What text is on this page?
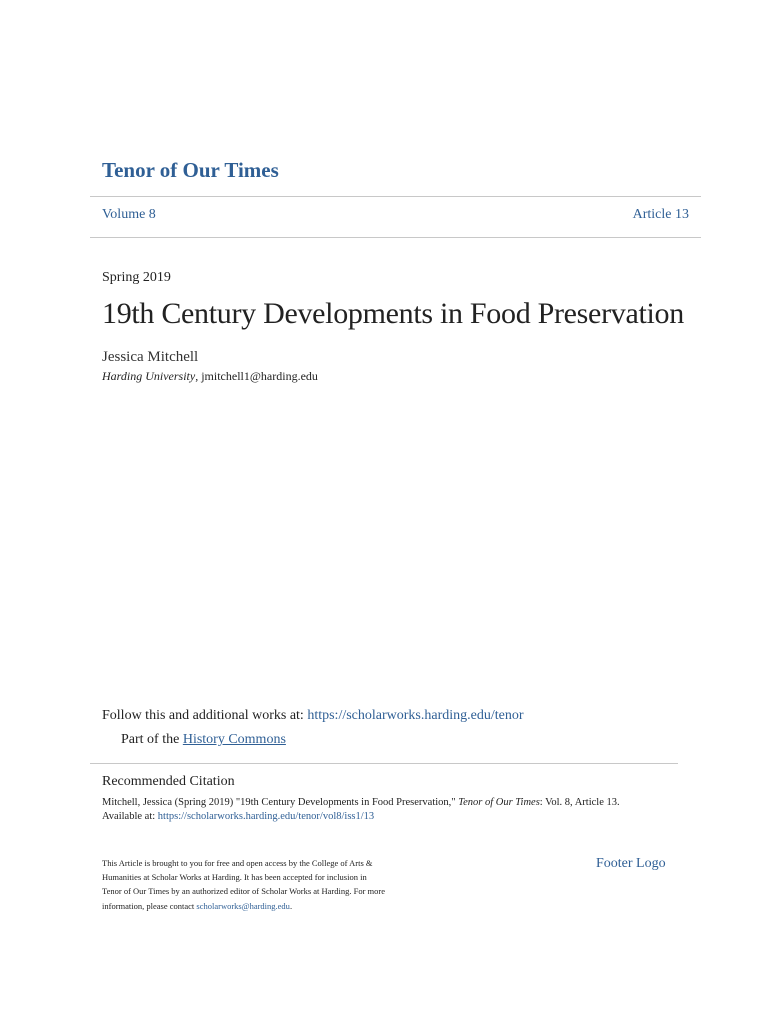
Tenor of Our Times
Volume 8	Article 13
Spring 2019
19th Century Developments in Food Preservation
Jessica Mitchell
Harding University, jmitchell1@harding.edu
Follow this and additional works at: https://scholarworks.harding.edu/tenor
Part of the History Commons
Recommended Citation
Mitchell, Jessica (Spring 2019) "19th Century Developments in Food Preservation," Tenor of Our Times: Vol. 8, Article 13.
Available at: https://scholarworks.harding.edu/tenor/vol8/iss1/13
This Article is brought to you for free and open access by the College of Arts & Humanities at Scholar Works at Harding. It has been accepted for inclusion in Tenor of Our Times by an authorized editor of Scholar Works at Harding. For more information, please contact scholarworks@harding.edu.
Footer Logo
